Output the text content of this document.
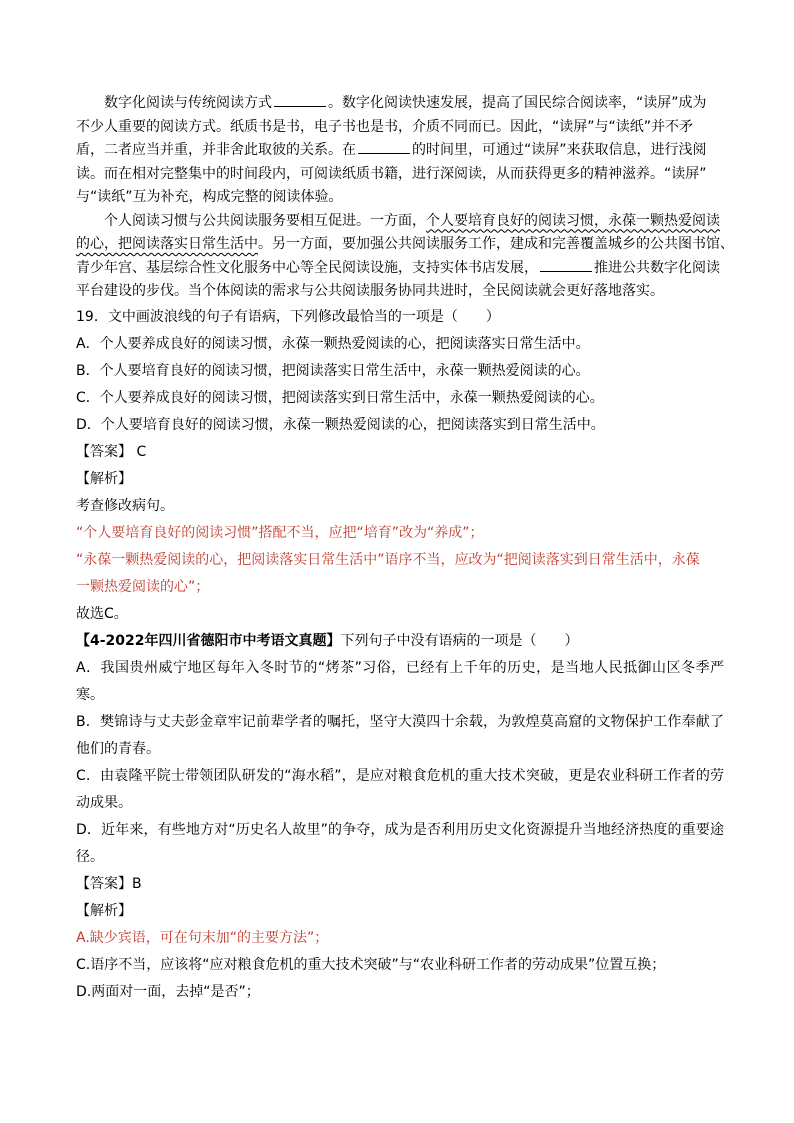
数字化阅读与传统阅读方式	。数字化阅读快速发展，提高了国民综合阅读率，“读屏”成为

不少人重要的阅读方式。纸质书是书，电子书也是书，介质不同而已。因此，“读屏”与“读纸”并不矛

盾，二者应当并重，并非舍此取彼的关系。在	的时间里，可通过“读屏”来获取信息，进行浅阅

读。而在相对完整集中的时间段内，可阅读纸质书籍，进行深阅读，从而获得更多的精神滋养。“读屏”

与“读纸”互为补充，构成完整的阅读体验。

个人阅读习惯与公共阅读服务要相互促进。一方面，个人要培育良好的阅读习惯，永葆一颗热爱阅读

的心，把阅读落实日常生活中。另一方面，要加强公共阅读服务工作，建成和完善覆盖城乡的公共图书馆、

青少年宫、基层综合性文化服务中心等全民阅读设施，支持实体书店发展，	推进公共数字化阅读

平台建设的步伐。当个体阅读的需求与公共阅读服务协同共进时，全民阅读就会更好落地落实。

19．文中画波浪线的句子有语病，下列修改最恰当的一项是（　　）

A．个人要养成良好的阅读习惯，永葆一颗热爱阅读的心，把阅读落实日常生活中。

B．个人要培育良好的阅读习惯，把阅读落实日常生活中，永葆一颗热爱阅读的心。

C．个人要养成良好的阅读习惯，把阅读落实到日常生活中，永葆一颗热爱阅读的心。

D．个人要培育良好的阅读习惯，永葆一颗热爱阅读的心，把阅读落实到日常生活中。

【答案】 C

【解析】

考查修改病句。

“个人要培育良好的阅读习惯”搭配不当，应把“培育”改为“养成”；

“永葆一颗热爱阅读的心，把阅读落实日常生活中”语序不当，应改为“把阅读落实到日常生活中，永葆

一颗热爱阅读的心”；

故选C。

【4-2022年四川省德阳市中考语文真题】下列句子中没有语病的一项是（　　）

A．我国贵州威宁地区每年入冬时节的“烤茶”习俗，已经有上千年的历史，是当地人民抵御山区冬季严寒。

B．樊锦诗与丈夫彭金章牢记前辈学者的嘱托，坚守大漠四十余载，为敦煌莫高窟的文物保护工作奉献了他们的青春。

C．由袁隆平院士带领团队研发的“海水稻”，是应对粮食危机的重大技术突破，更是农业科研工作者的劳动成果。

D．近年来，有些地方对“历史名人故里”的争夺，成为是否利用历史文化资源提升当地经济热度的重要途径。

【答案】B

【解析】

A.缺少宾语，可在句末加“的主要方法”；

C.语序不当，应该将“应对粮食危机的重大技术突破”与“农业科研工作者的劳动成果”位置互换；

D.两面对一面，去掉“是否”；
